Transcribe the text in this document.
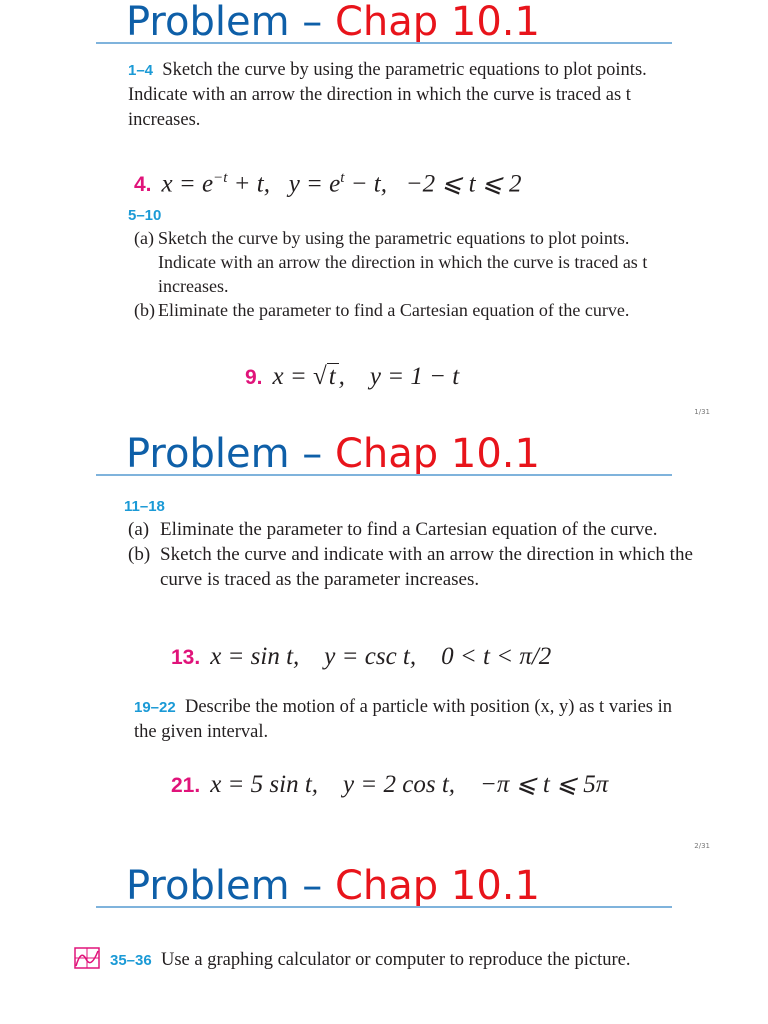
Problem – Chap 10.1

1–4 Sketch the curve by using the parametric equations to plot points. Indicate with an arrow the direction in which the curve is traced as t increases.

4. $x = e^{-t} + t$, $y = e^t - t$, −2 ⩽ t ⩽ 2

5–10

(a) Sketch the curve by using the parametric equations to plot points. Indicate with an arrow the direction in which the curve is traced as t increases.

(b) Eliminate the parameter to find a Cartesian equation of the curve.

9. x = √t , y = 1 − t
1/31
Problem – Chap 10.1

11–18

(a) Eliminate the parameter to find a Cartesian equation of the curve.

(b) Sketch the curve and indicate with an arrow the direction in which the curve is traced as the parameter increases.

13. x = sin t, y = csc t, 0 < t < π/2

19–22 Describe the motion of a particle with position (x, y) as t varies in the given interval.

21. x = 5 sin t, y = 2 cos t, −π ⩽ t ⩽ 5π
2/31
Problem – Chap 10.1

35–36 Use a graphing calculator or computer to reproduce the picture.
